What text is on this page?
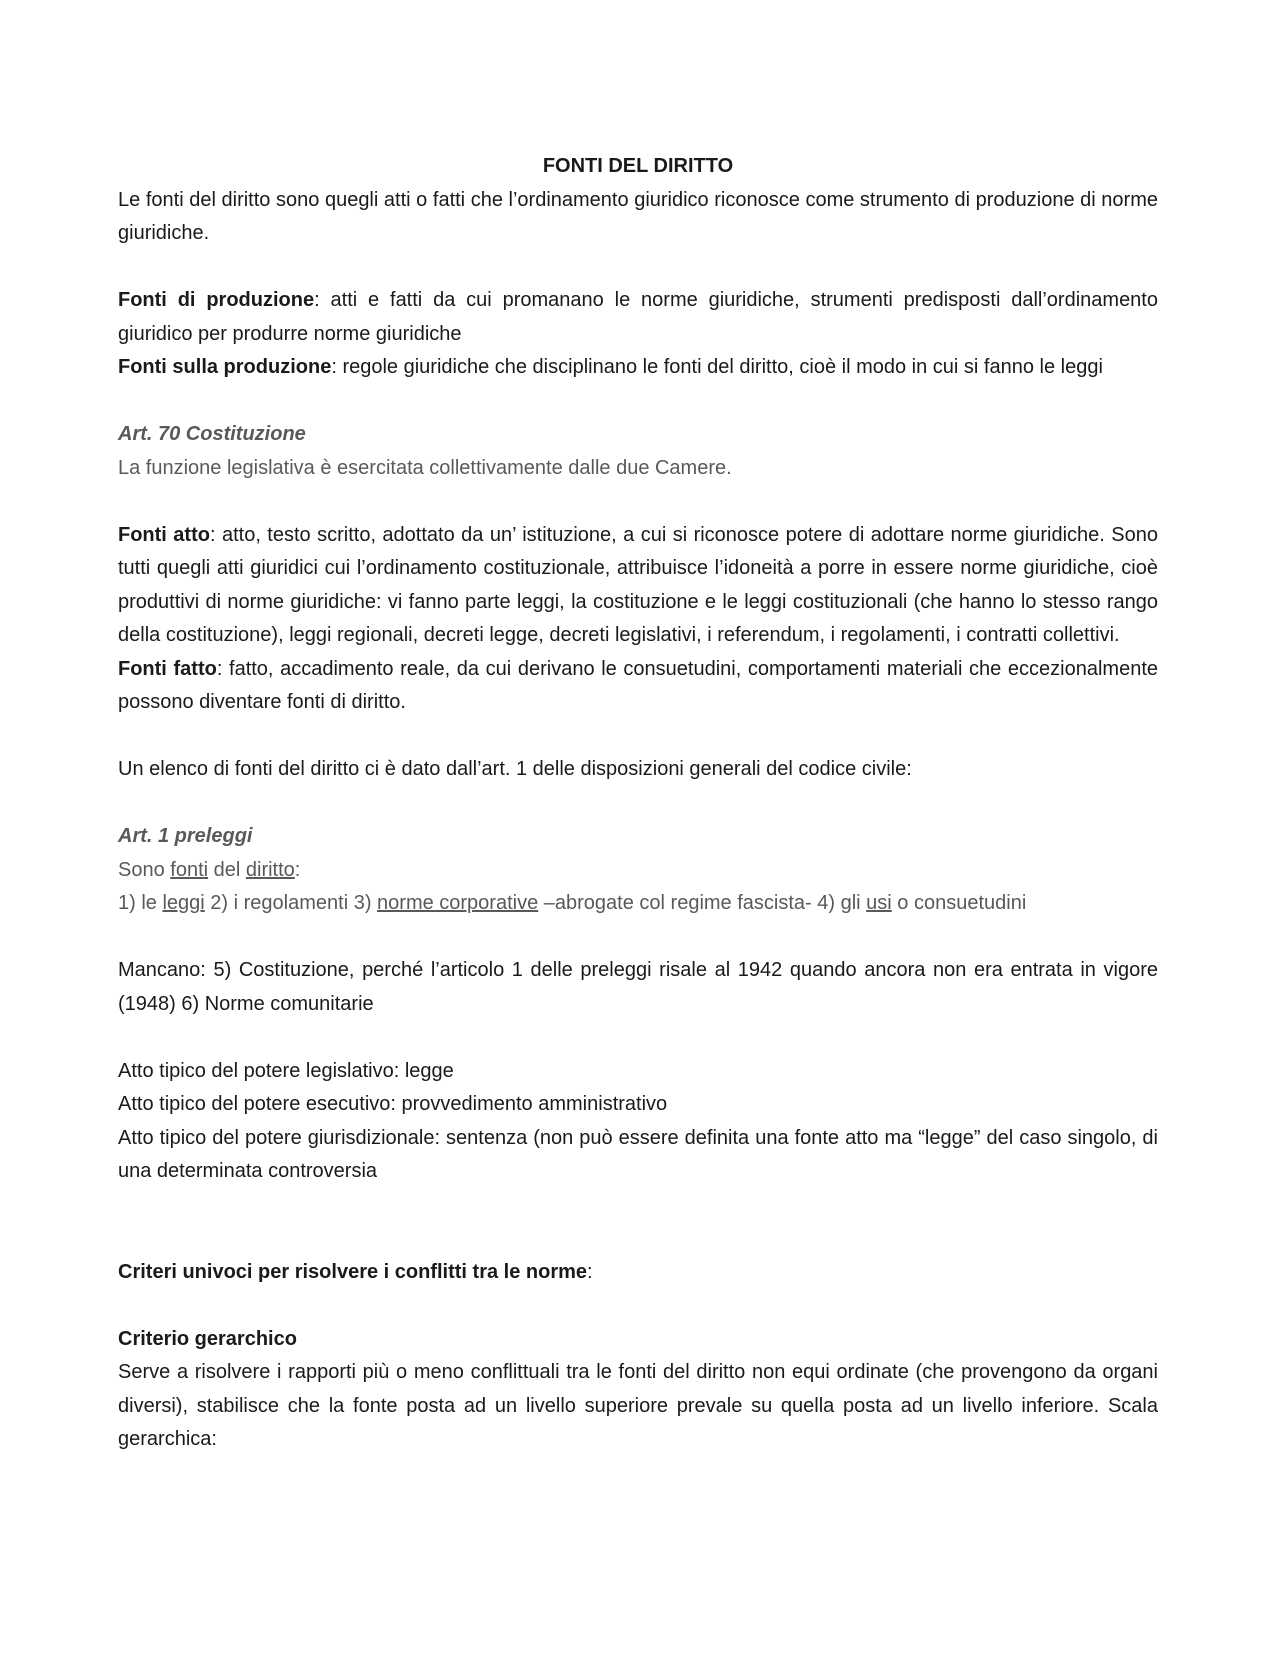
FONTI DEL DIRITTO

Le fonti del diritto sono quegli atti o fatti che l’ordinamento giuridico riconosce come strumento di produzione di norme giuridiche.

Fonti di produzione: atti e fatti da cui promanano le norme giuridiche, strumenti predisposti dall’ordinamento giuridico per produrre norme giuridiche

Fonti sulla produzione: regole giuridiche che disciplinano le fonti del diritto, cioè il modo in cui si fanno le leggi

Art. 70 Costituzione

La funzione legislativa è esercitata collettivamente dalle due Camere.

Fonti atto: atto, testo scritto, adottato da un’ istituzione, a cui si riconosce potere di adottare norme giuridiche. Sono tutti quegli atti giuridici cui l’ordinamento costituzionale, attribuisce l’idoneità a porre in essere norme giuridiche, cioè produttivi di norme giuridiche: vi fanno parte leggi, la costituzione e le leggi costituzionali (che hanno lo stesso rango della costituzione), leggi regionali, decreti legge, decreti legislativi, i referendum, i regolamenti, i contratti collettivi.

Fonti fatto: fatto, accadimento reale, da cui derivano le consuetudini, comportamenti materiali che eccezionalmente possono diventare fonti di diritto.

Un elenco di fonti del diritto ci è dato dall’art. 1 delle disposizioni generali del codice civile:

Art. 1 preleggi

Sono fonti del diritto:

1) le leggi 2) i regolamenti 3) norme corporative –abrogate col regime fascista- 4) gli usi o consuetudini

Mancano: 5) Costituzione, perché l’articolo 1 delle preleggi risale al 1942 quando ancora non era entrata in vigore (1948) 6) Norme comunitarie

Atto tipico del potere legislativo: legge

Atto tipico del potere esecutivo: provvedimento amministrativo

Atto tipico del potere giurisdizionale: sentenza (non può essere definita una fonte atto ma “legge” del caso singolo, di una determinata controversia

Criteri univoci per risolvere i conflitti tra le norme:

Criterio gerarchico

Serve a risolvere i rapporti più o meno conflittuali tra le fonti del diritto non equi ordinate (che provengono da organi diversi), stabilisce che la fonte posta ad un livello superiore prevale su quella posta ad un livello inferiore. Scala gerarchica:
